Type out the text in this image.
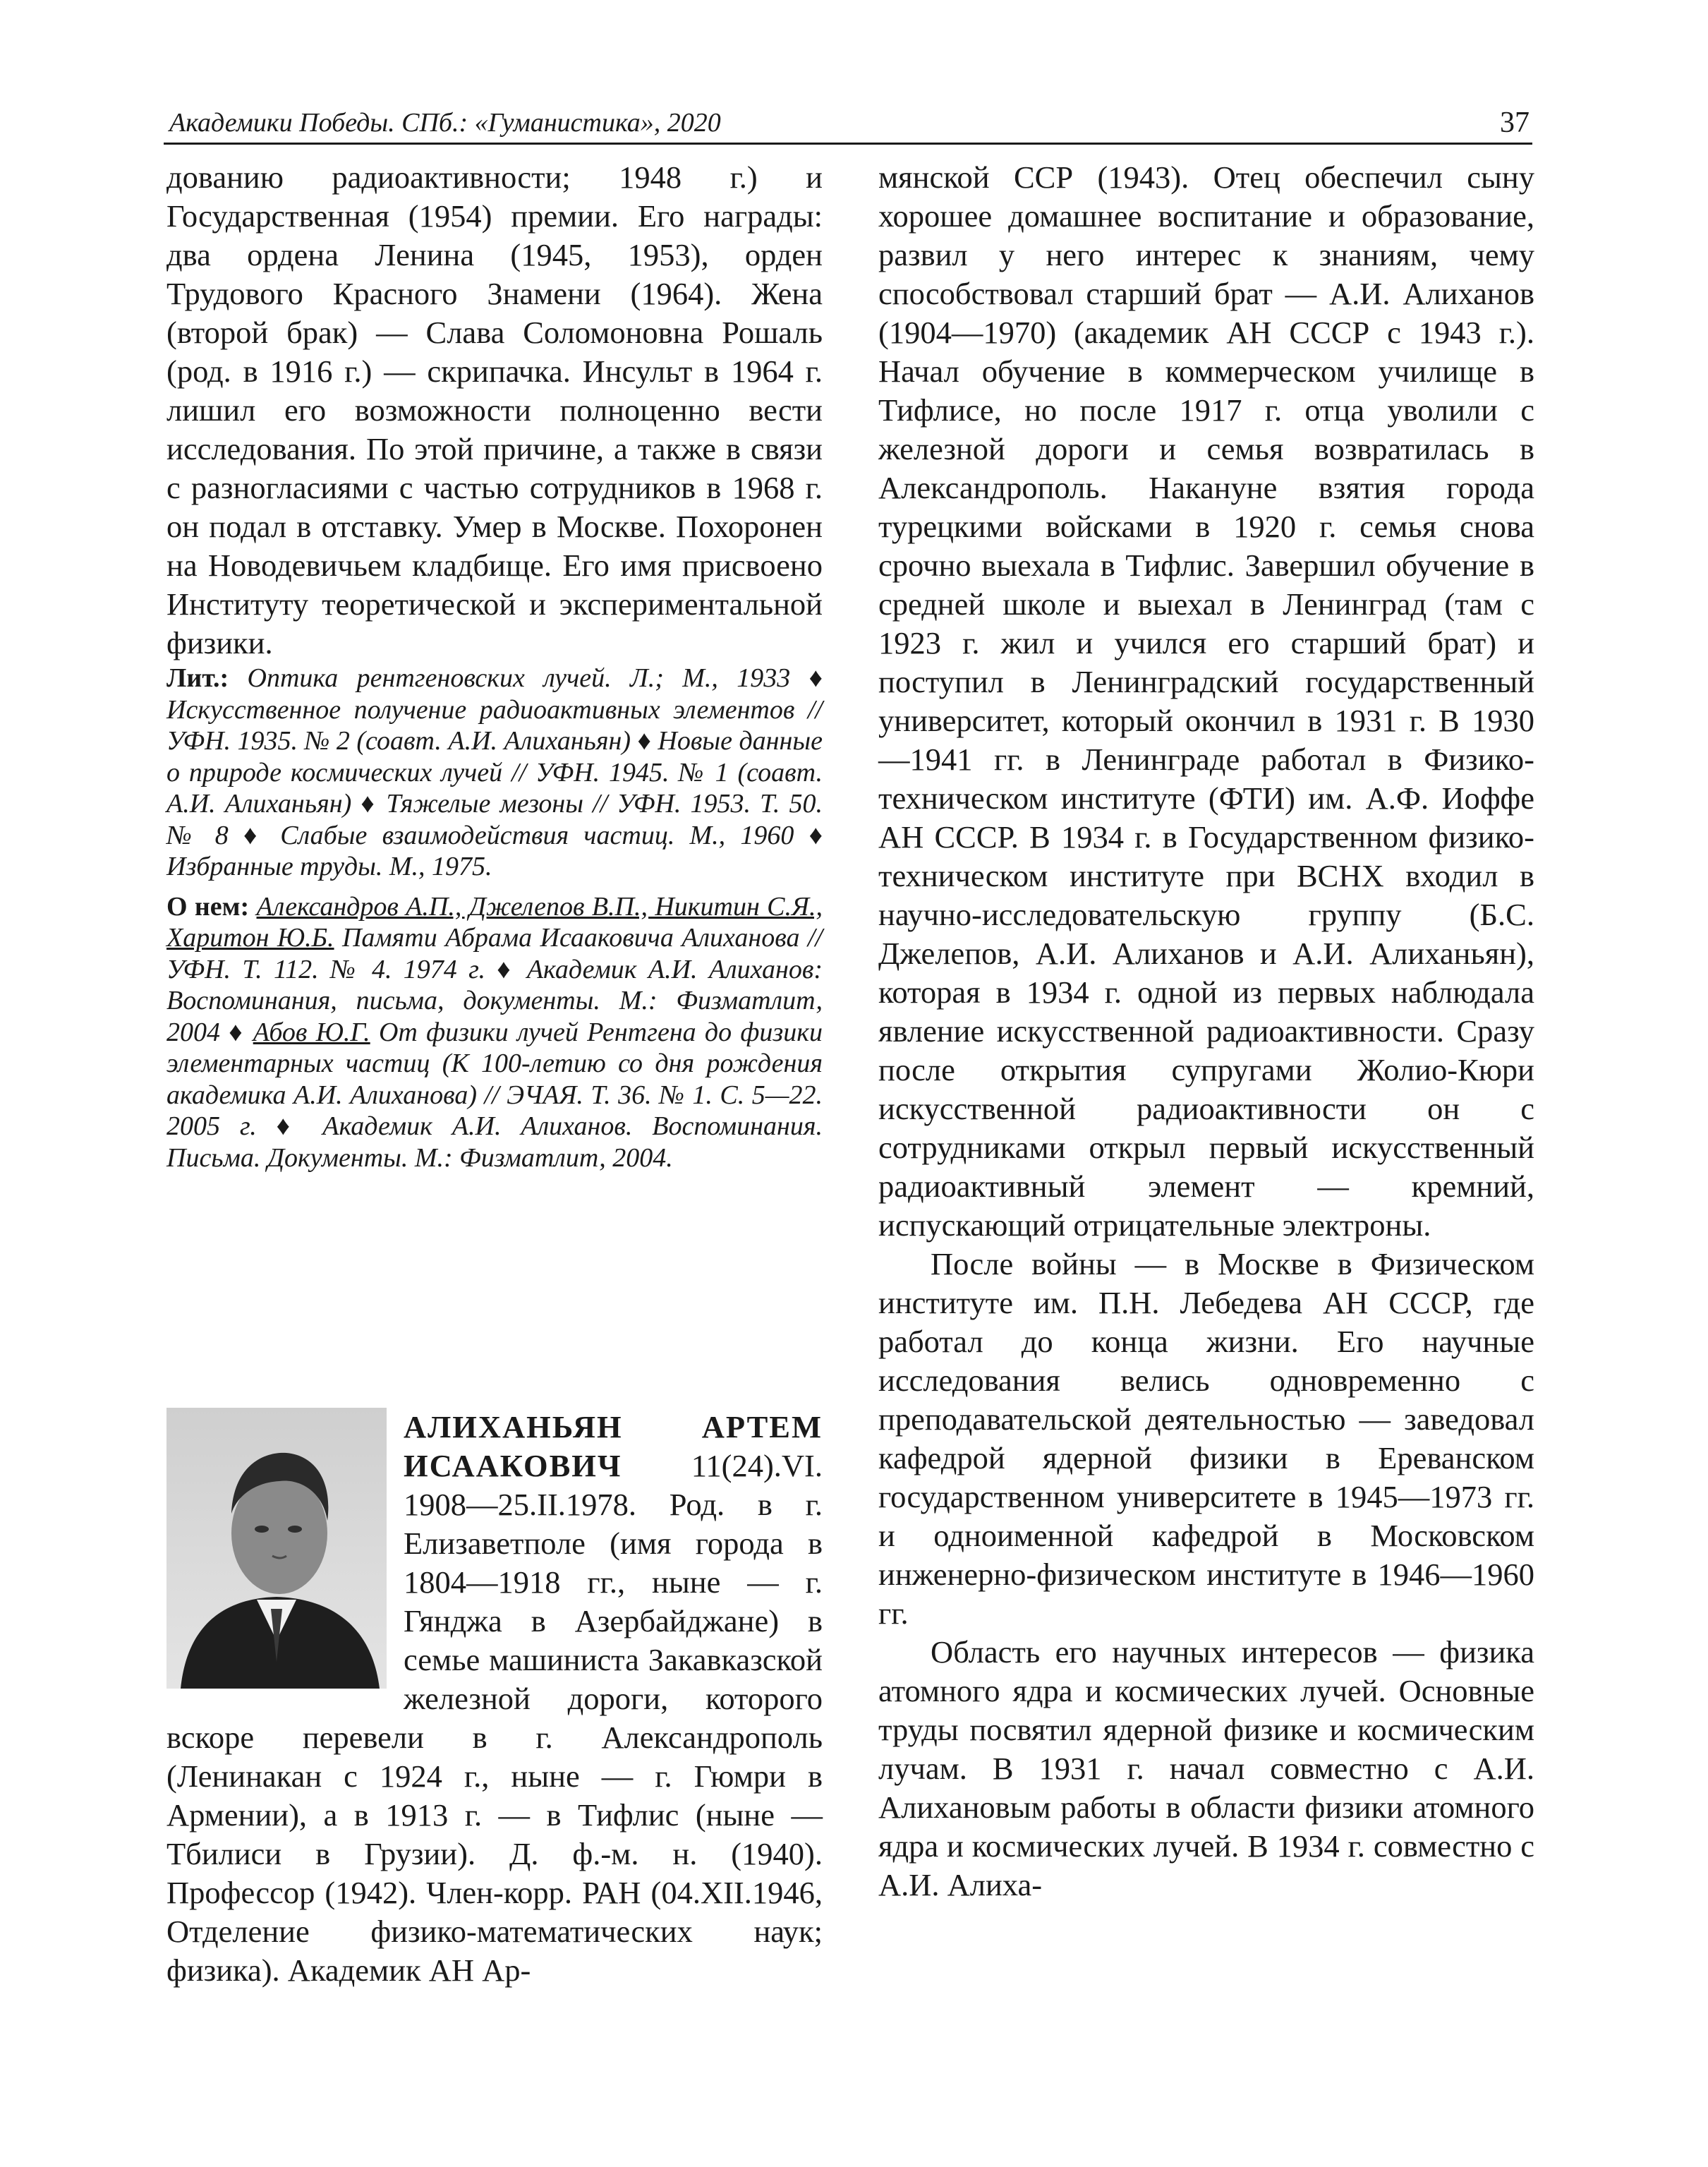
Академики Победы. СПб.: «Гуманистика», 2020	37

дованию радиоактивности; 1948 г.) и Государственная (1954) премии. Его награды: два ордена Ленина (1945, 1953), орден Трудового Красного Знамени (1964). Жена (второй брак) — Слава Соломоновна Рошаль (род. в 1916 г.) — скрипачка. Инсульт в 1964 г. лишил его возможности полноценно вести исследования. По этой причине, а также в связи с разногласиями с частью сотрудников в 1968 г. он подал в отставку. Умер в Москве. Похоронен на Новодевичьем кладбище. Его имя присвоено Институту теоретической и экспериментальной физики.

Лит.: Оптика рентгеновских лучей. Л.; М., 1933 ♦ Искусственное получение радиоактивных элементов // УФН. 1935. № 2 (соавт. А.И. Алиханьян) ♦ Новые данные о природе космических лучей // УФН. 1945. № 1 (соавт. А.И. Алиханьян) ♦ Тяжелые мезоны // УФН. 1953. Т. 50. № 8 ♦ Слабые взаимодействия частиц. М., 1960 ♦ Избранные труды. М., 1975.

О нем: Александров А.П., Джелепов В.П., Никитин С.Я., Харитон Ю.Б. Памяти Абрама Исааковича Алиханова // УФН. Т. 112. № 4. 1974 г. ♦ Академик А.И. Алиханов: Воспоминания, письма, документы. М.: Физматлит, 2004 ♦ Абов Ю.Г. От физики лучей Рентгена до физики элементарных частиц (К 100-летию со дня рождения академика А.И. Алиханова) // ЭЧАЯ. Т. 36. № 1. С. 5—22. 2005 г. ♦ Академик А.И. Алиханов. Воспоминания. Письма. Документы. М.: Физматлит, 2004.

АЛИХАНЬЯН АРТЕМ ИСААКОВИЧ 11(24).VI. 1908—25.II.1978. Род. в г. Елизаветполе (имя города в 1804—1918 гг., ныне — г. Гянджа в Азербайджане) в семье машиниста Закавказской железной дороги, которого вскоре перевели в г. Александрополь (Ленинакан с 1924 г., ныне — г. Гюмри в Армении), а в 1913 г. — в Тифлис (ныне — Тбилиси в Грузии). Д. ф.-м. н. (1940). Профессор (1942). Член-корр. РАН (04.XII.1946, Отделение физико-математических наук; физика). Академик АН Ар-

мянской ССР (1943). Отец обеспечил сыну хорошее домашнее воспитание и образование, развил у него интерес к знаниям, чему способствовал старший брат — А.И. Алиханов (1904—1970) (академик АН СССР с 1943 г.). Начал обучение в коммерческом училище в Тифлисе, но после 1917 г. отца уволили с железной дороги и семья возвратилась в Александрополь. Накануне взятия города турецкими войсками в 1920 г. семья снова срочно выехала в Тифлис. Завершил обучение в средней школе и выехал в Ленинград (там с 1923 г. жил и учился его старший брат) и поступил в Ленинградский государственный университет, который окончил в 1931 г. В 1930—1941 гг. в Ленинграде работал в Физико-техническом институте (ФТИ) им. А.Ф. Иоффе АН СССР. В 1934 г. в Государственном физико-техническом институте при ВСНХ входил в научно-исследовательскую группу (Б.С. Джелепов, А.И. Алиханов и А.И. Алиханьян), которая в 1934 г. одной из первых наблюдала явление искусственной радиоактивности. Сразу после открытия супругами Жолио-Кюри искусственной радиоактивности он с сотрудниками открыл первый искусственный радиоактивный элемент — кремний, испускающий отрицательные электроны.

После войны — в Москве в Физическом институте им. П.Н. Лебедева АН СССР, где работал до конца жизни. Его научные исследования велись одновременно с преподавательской деятельностью — заведовал кафедрой ядерной физики в Ереванском государственном университете в 1945—1973 гг. и одноименной кафедрой в Московском инженерно-физическом институте в 1946—1960 гг.

Область его научных интересов — физика атомного ядра и космических лучей. Основные труды посвятил ядерной физике и космическим лучам. В 1931 г. начал совместно с А.И. Алихановым работы в области физики атомного ядра и космических лучей. В 1934 г. совместно с А.И. Алиха-
